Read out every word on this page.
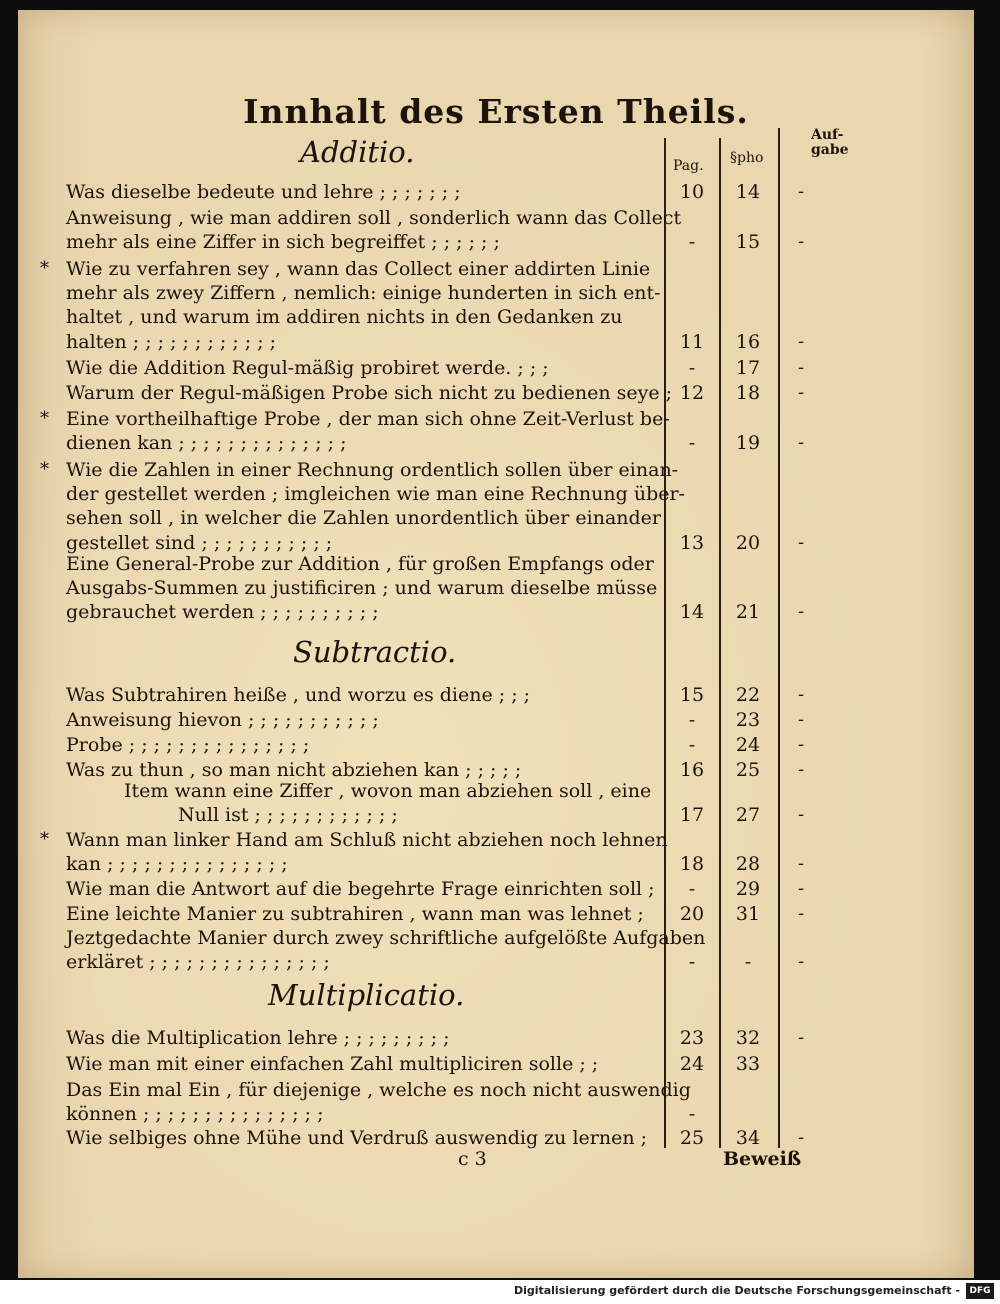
Innhalt des Ersten Theils.
Additio.
Subtractio.
Multiplicatio.
Pag. §pho
Auf- gabe
Was dieselbe bedeute und lehre ; ; ; ; ; ; ;	10	14	-
Anweisung , wie man addiren soll , sonderlich wann das Collect
mehr als eine Ziffer in sich begreiffet ; ; ; ; ; ;	-	15	-
* Wie zu verfahren sey , wann das Collect einer addirten Linie
mehr als zwey Ziffern , nemlich: einige hunderten in sich ent-
haltet , und warum im addiren nichts in den Gedanken zu
halten ; ; ; ; ; ; ; ; ; ; ; ;	11	16	-
Wie die Addition Regul-mäßig probiret werde. ; ; ;	-	17	-
Warum der Regul-mäßigen Probe sich nicht zu bedienen seye ; 12	18	-
* Eine vortheilhaftige Probe , der man sich ohne Zeit-Verlust be-
dienen kan ; ; ; ; ; ; ; ; ; ; ; ; ; ;	-	19	-
* Wie die Zahlen in einer Rechnung ordentlich sollen über einan-
der gestellet werden ; imgleichen wie man eine Rechnung über-
sehen soll , in welcher die Zahlen unordentlich über einander
gestellet sind ; ; ; ; ; ; ; ; ; ; ;	13	20	-
Eine General-Probe zur Addition , für großen Empfangs oder
Ausgabs-Summen zu justificiren ; und warum dieselbe müsse
gebrauchet werden ; ; ; ; ; ; ; ; ; ;	14	21	-
Was Subtrahiren heiße , und worzu es diene ; ; ;	15	22	-
Anweisung hievon ; ; ; ; ; ; ; ; ; ; ;	-	23	-
Probe ; ; ; ; ; ; ; ; ; ; ; ; ; ; ;	-	24	-
Was zu thun , so man nicht abziehen kan ; ; ; ; ;	16	25	-
Item wann eine Ziffer , wovon man abziehen soll , eine
Null ist ; ; ; ; ; ; ; ; ; ; ; ;	17	27	-
* Wann man linker Hand am Schluß nicht abziehen noch lehnen
kan ; ; ; ; ; ; ; ; ; ; ; ; ; ; ;	18	28	-
Wie man die Antwort auf die begehrte Frage einrichten soll ;	-	29	-
Eine leichte Manier zu subtrahiren , wann man was lehnet ;	20	31	-
Jeztgedachte Manier durch zwey schriftliche aufgelößte Aufgaben
erkläret ; ; ; ; ; ; ; ; ; ; ; ; ; ; ;	-	-	-
Was die Multiplication lehre ; ; ; ; ; ; ; ; ;	23	32	-
Wie man mit einer einfachen Zahl multipliciren solle ; ;	24	33
Das Ein mal Ein , für diejenige , welche es noch nicht auswendig
können ; ; ; ; ; ; ; ; ; ; ; ; ; ; ;	-
Wie selbiges ohne Mühe und Verdruß auswendig zu lernen ;	25	34	-
c 3	Beweiß
Digitalisierung gefördert durch die Deutsche Forschungsgemeinschaft -	DFG
